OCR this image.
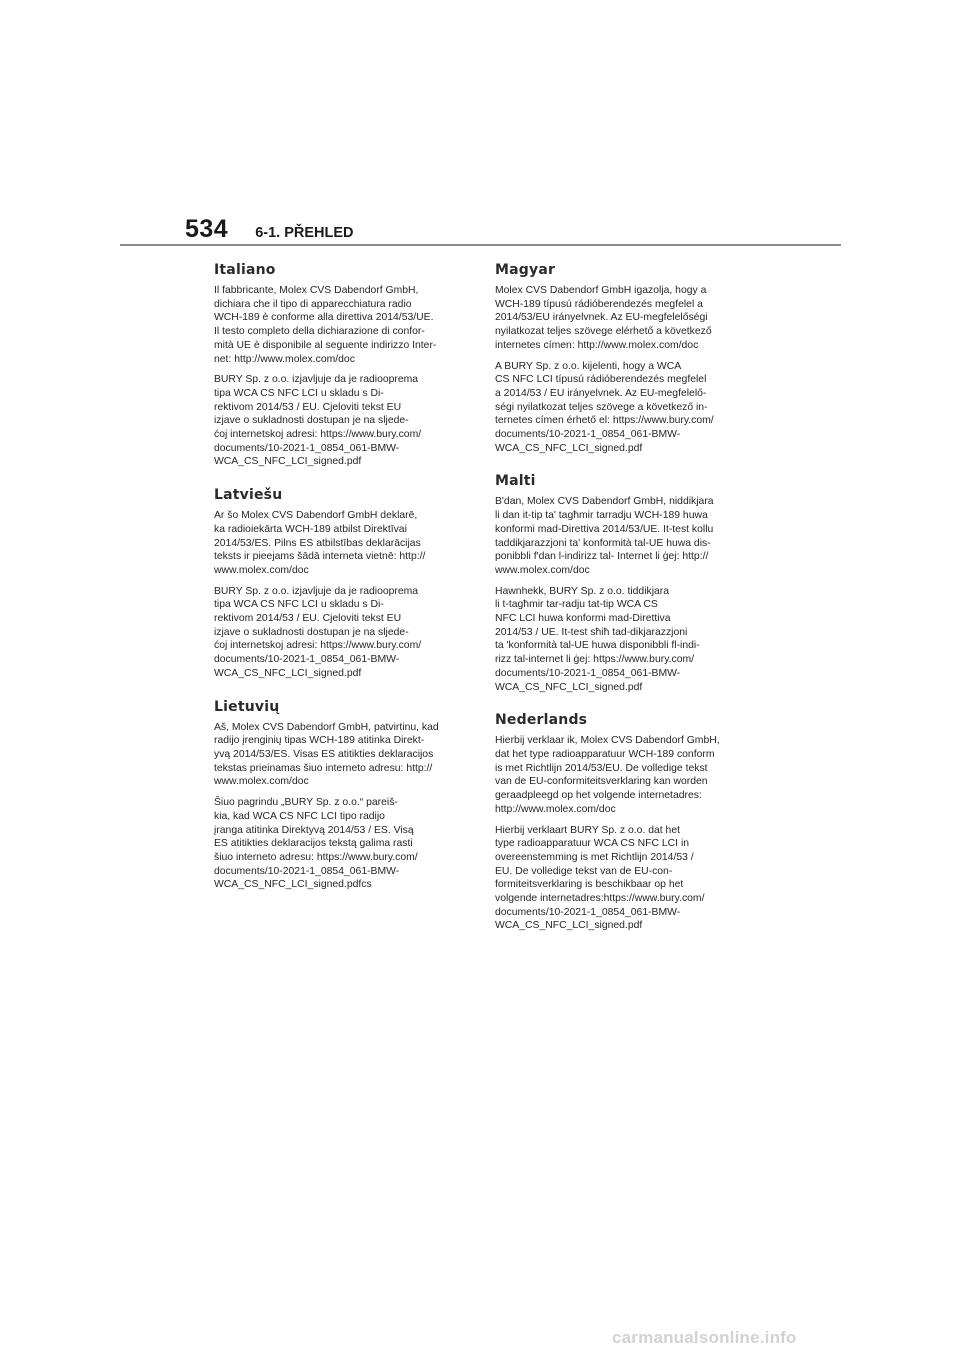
534 6-1. PŘEHLED
Italiano

Il fabbricante, Molex CVS Dabendorf GmbH,
dichiara che il tipo di apparecchiatura radio
WCH-189 è conforme alla direttiva 2014/53/UE.
Il testo completo della dichiarazione di confor-
mità UE è disponibile al seguente indirizzo Inter-
net: http://www.molex.com/doc

BURY Sp. z o.o. izjavljuje da je radiooprema
tipa WCA CS NFC LCI u skladu s Di-
rektivom 2014/53 / EU. Cjeloviti tekst EU
izjave o sukladnosti dostupan je na sljede-
ćoj internetskoj adresi: https://www.bury.com/
documents/10-2021-1_0854_061-BMW-
WCA_CS_NFC_LCI_signed.pdf

Latviešu

Ar šo Molex CVS Dabendorf GmbH deklarē,
ka radioiekārta WCH-189 atbilst Direktīvai
2014/53/ES. Pilns ES atbilstības deklarācijas
teksts ir pieejams šādā interneta vietnē: http://
www.molex.com/doc

BURY Sp. z o.o. izjavljuje da je radiooprema
tipa WCA CS NFC LCI u skladu s Di-
rektivom 2014/53 / EU. Cjeloviti tekst EU
izjave o sukladnosti dostupan je na sljede-
ćoj internetskoj adresi: https://www.bury.com/
documents/10-2021-1_0854_061-BMW-
WCA_CS_NFC_LCI_signed.pdf

Lietuvių

Aš, Molex CVS Dabendorf GmbH, patvirtinu, kad
radijo įrenginių tipas WCH-189 atitinka Direkt-
yvą 2014/53/ES. Visas ES atitikties deklaracijos
tekstas prieinamas šiuo interneto adresu: http://
www.molex.com/doc

Šiuo pagrindu „BURY Sp. z o.o.“ pareiš-
kia, kad WCA CS NFC LCI tipo radijo
įranga atitinka Direktyvą 2014/53 / ES. Visą
ES atitikties deklaracijos tekstą galima rasti
šiuo interneto adresu: https://www.bury.com/
documents/10-2021-1_0854_061-BMW-
WCA_CS_NFC_LCI_signed.pdfcs

Magyar

Molex CVS Dabendorf GmbH igazolja, hogy a
WCH-189 típusú rádióberendezés megfelel a
2014/53/EU irányelvnek. Az EU-megfelelőségi
nyilatkozat teljes szövege elérhető a következő
internetes címen: http://www.molex.com/doc

A BURY Sp. z o.o. kijelenti, hogy a WCA
CS NFC LCI típusú rádióberendezés megfelel
a 2014/53 / EU irányelvnek. Az EU-megfelelő-
ségi nyilatkozat teljes szövege a következő in-
ternetes címen érhető el: https://www.bury.com/
documents/10-2021-1_0854_061-BMW-
WCA_CS_NFC_LCI_signed.pdf

Malti

B'dan, Molex CVS Dabendorf GmbH, niddikjara
li dan it-tip ta' tagħmir tarradju WCH-189 huwa
konformi mad-Direttiva 2014/53/UE. It-test kollu
taddikjarazzjoni ta' konformità tal-UE huwa dis-
ponibbli f'dan l-indirizz tal- Internet li ġej: http://
www.molex.com/doc

Hawnhekk, BURY Sp. z o.o. tiddikjara
li t-tagħmir tar-radju tat-tip WCA CS
NFC LCI huwa konformi mad-Direttiva
2014/53 / UE. It-test sħiħ tad-dikjarazzjoni
ta 'konformità tal-UE huwa disponibbli fl-indi-
rizz tal-internet li ġej: https://www.bury.com/
documents/10-2021-1_0854_061-BMW-
WCA_CS_NFC_LCI_signed.pdf

Nederlands

Hierbij verklaar ik, Molex CVS Dabendorf GmbH,
dat het type radioapparatuur WCH-189 conform
is met Richtlijn 2014/53/EU. De volledige tekst
van de EU-conformiteitsverklaring kan worden
geraadpleegd op het volgende internetadres:
http://www.molex.com/doc

Hierbij verklaart BURY Sp. z o.o. dat het
type radioapparatuur WCA CS NFC LCI in
overeenstemming is met Richtlijn 2014/53 /
EU. De volledige tekst van de EU-con-
formiteitsverklaring is beschikbaar op het
volgende internetadres:https://www.bury.com/
documents/10-2021-1_0854_061-BMW-
WCA_CS_NFC_LCI_signed.pdf

carmanualsonline.info
